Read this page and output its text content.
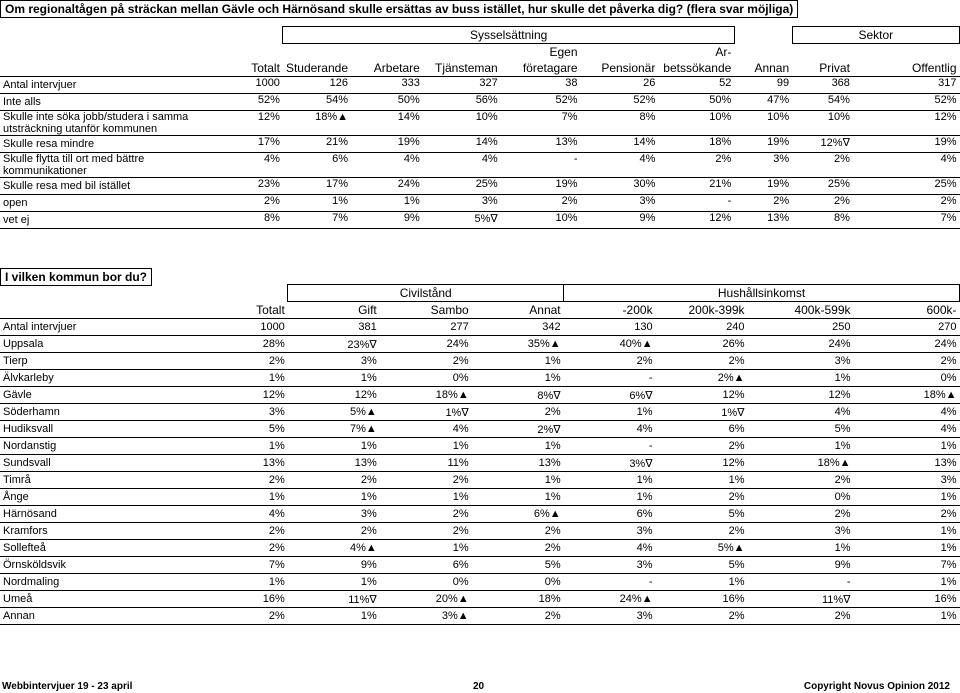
Om regionaltågen på sträckan mellan Gävle och Härnösand skulle ersättas av buss istället, hur skulle det påverka dig? (flera svar möjliga)
		Sysselsättning							Sektor	
					Egen		Ar-			
	Totalt	Studerande	Arbetare	Tjänsteman	företagare	Pensionär	betssökande	Annan	Privat	Offentlig
Antal intervjuer	1000	126	333	327	38	26	52	99	368	317
Inte alls	52%	54%	50%	56%	52%	52%	50%	47%	54%	52%
Skulle inte söka jobb/studera i samma utsträckning utanför kommunen	12%	18%▲	14%	10%	7%	8%	10%	10%	10%	12%
Skulle resa mindre	17%	21%	19%	14%	13%	14%	18%	19%	12%∇	19%
Skulle flytta till ort med bättre kommunikationer	4%	6%	4%	4%	-	4%	2%	3%	2%	4%
Skulle resa med bil istället	23%	17%	24%	25%	19%	30%	21%	19%	25%	25%
open	2%	1%	1%	3%	2%	3%	-	2%	2%	2%
vet ej	8%	7%	9%	5%∇	10%	9%	12%	13%	8%	7%
I vilken kommun bor du?
		Civilstånd			Hushållsinkomst			
	Totalt	Gift	Sambo	Annat	-200k	200k-399k	400k-599k	600k-
Antal intervjuer	1000	381	277	342	130	240	250	270
Uppsala	28%	23%∇	24%	35%▲	40%▲	26%	24%	24%
Tierp	2%	3%	2%	1%	2%	2%	3%	2%
Älvkarleby	1%	1%	0%	1%	-	2%▲	1%	0%
Gävle	12%	12%	18%▲	8%∇	6%∇	12%	12%	18%▲
Söderhamn	3%	5%▲	1%∇	2%	1%	1%∇	4%	4%
Hudiksvall	5%	7%▲	4%	2%∇	4%	6%	5%	4%
Nordanstig	1%	1%	1%	1%	-	2%	1%	1%
Sundsvall	13%	13%	11%	13%	3%∇	12%	18%▲	13%
Timrå	2%	2%	2%	1%	1%	1%	2%	3%
Ånge	1%	1%	1%	1%	1%	2%	0%	1%
Härnösand	4%	3%	2%	6%▲	6%	5%	2%	2%
Kramfors	2%	2%	2%	2%	3%	2%	3%	1%
Sollefteå	2%	4%▲	1%	2%	4%	5%▲	1%	1%
Örnsköldsvik	7%	9%	6%	5%	3%	5%	9%	7%
Nordmaling	1%	1%	0%	0%	-	1%	-	1%
Umeå	16%	11%∇	20%▲	18%	24%▲	16%	11%∇	16%
Annan	2%	1%	3%▲	2%	3%	2%	2%	1%
Webbintervjuer 19 - 23 april	20	Copyright Novus Opinion 2012
